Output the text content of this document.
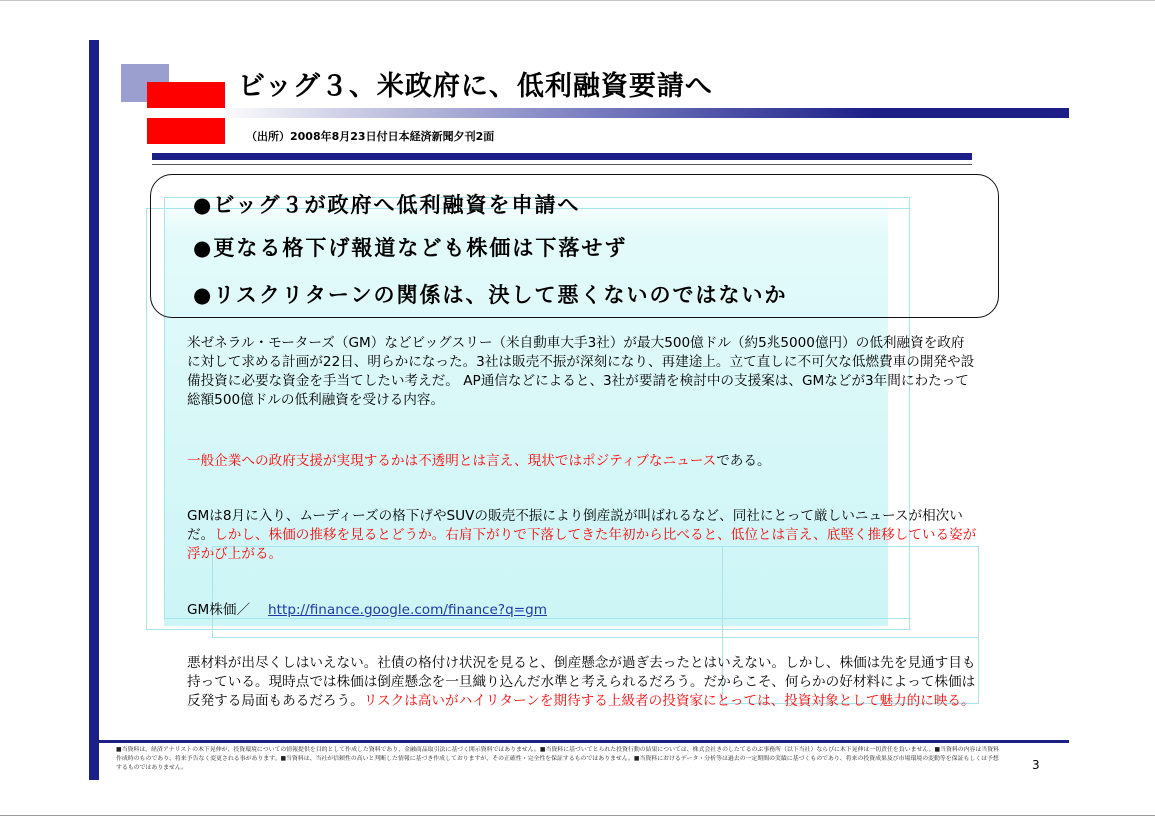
ビッグ３、米政府に、低利融資要請へ
（出所）2008年8月23日付日本経済新聞夕刊2面

●ビッグ３が政府へ低利融資を申請へ

●更なる格下げ報道なども株価は下落せず

●リスクリターンの関係は、決して悪くないのではないか

米ゼネラル・モーターズ（GM）などビッグスリー（米自動車大手3社）が最大500億ドル（約5兆5000億円）の低利融資を政府に対して求める計画が22日、明らかになった。3社は販売不振が深刻になり、再建途上。立て直しに不可欠な低燃費車の開発や設備投資に必要な資金を手当てしたい考えだ。 AP通信などによると、3社が要請を検討中の支援案は、GMなどが3年間にわたって総額500億ドルの低利融資を受ける内容。

一般企業への政府支援が実現するかは不透明とは言え、現状ではポジティブなニュースである。

GMは8月に入り、ムーディーズの格下げやSUVの販売不振により倒産説が叫ばれるなど、同社にとって厳しいニュースが相次いだ。しかし、株価の推移を見るとどうか。右肩下がりで下落してきた年初から比べると、低位とは言え、底堅く推移している姿が浮かび上がる。

GM株価／ http://finance.google.com/finance?q=gm

悪材料が出尽くしはいえない。社債の格付け状況を見ると、倒産懸念が過ぎ去ったとはいえない。しかし、株価は先を見通す目も持っている。現時点では株価は倒産懸念を一旦織り込んだ水準と考えられるだろう。だからこそ、何らかの好材料によって株価は反発する局面もあるだろう。リスクは高いがハイリターンを期待する上級者の投資家にとっては、投資対象として魅力的に映る。

■当資料は、経済アナリストの木下晃伸が、投資環境についての情報提供を目的として作成した資料であり、金融商品取引法に基づく開示資料ではありません。■当資料に基づいてとられた投資行動の結果については、株式会社きのしたてるのぶ事務所（以下当社）ならびに木下晃伸は一切責任を負いません。■当資料の内容は当資料作成時のものであり、将来予告なく変更される事があります。■当資料は、当社が信頼性の高いと判断した情報に基づき作成しておりますが、その正確性・完全性を保証するものではありません。■当資料におけるデータ・分析等は過去の一定期間の実績に基づくものであり、将来の投資成果及び市場環境の変動等を保証もしくは予想するものではありません。	3
